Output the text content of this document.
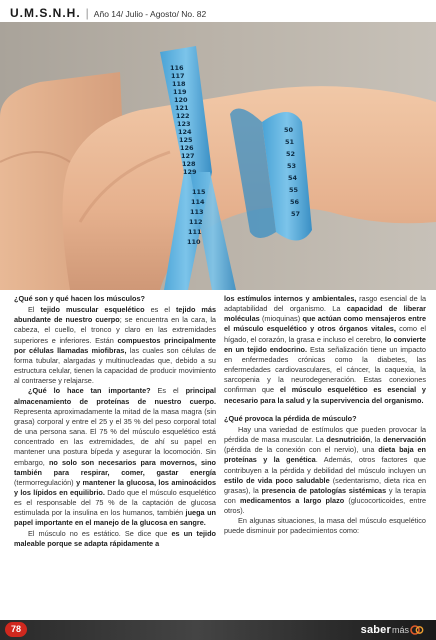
U.M.S.N.H. | Año 14/ Julio - Agosto/ No. 82
116
117
118
119
120
121
122
123
124
125
126
127
128
129
115
114
113
112
111
110
50
51
52
53
54
55
56
57

¿Qué son y qué hacen los músculos?

El tejido muscular esquelético es el tejido más abundante de nuestro cuerpo; se encuentra en la cara, la cabeza, el cuello, el tronco y claro en las extremidades superiores e inferiores. Están compuestos principalmente por células llamadas miofibras, las cuales son células de forma tubular, alargadas y multinucleadas que, debido a su estructura celular, tienen la capacidad de producir movimiento al contraerse y relajarse.

¿Qué lo hace tan importante? Es el principal almacenamiento de proteínas de nuestro cuerpo. Representa aproximadamente la mitad de la masa magra (sin grasa) corporal y entre el 25 y el 35 % del peso corporal total de una persona sana. El 75 % del músculo esquelético está concentrado en las extremidades, de ahí su papel en mantener una postura bípeda y asegurar la locomoción. Sin embargo, no solo son necesarios para movernos, sino también para respirar, comer, gastar energía (termorregulación) y mantener la glucosa, los aminoácidos y los lípidos en equilibrio. Dado que el músculo esquelético es el responsable del 75 % de la captación de glucosa estimulada por la insulina en los humanos, también juega un papel importante en el manejo de la glucosa en sangre.

El músculo no es estático. Se dice que es un tejido maleable porque se adapta rápidamente a

los estímulos internos y ambientales, rasgo esencial de la adaptabilidad del organismo. La capacidad de liberar moléculas (mioquinas) que actúan como mensajeros entre el músculo esquelético y otros órganos vitales, como el hígado, el corazón, la grasa e incluso el cerebro, lo convierte en un tejido endocrino. Esta señalización tiene un impacto en enfermedades crónicas como la diabetes, las enfermedades cardiovasculares, el cáncer, la caquexia, la sarcopenia y la neurodegeneración. Estas conexiones confirman que el músculo esquelético es esencial y necesario para la salud y la supervivencia del organismo.

¿Qué provoca la pérdida de músculo?

Hay una variedad de estímulos que pueden provocar la pérdida de masa muscular. La desnutrición, la denervación (pérdida de la conexión con el nervio), una dieta baja en proteínas y la genética. Además, otros factores que contribuyen a la pérdida y debilidad del músculo incluyen un estilo de vida poco saludable (sedentarismo, dieta rica en grasas), la presencia de patologías sistémicas y la terapia con medicamentos a largo plazo (glucocorticoides, entre otros).

En algunas situaciones, la masa del músculo esquelético puede disminuir por padecimientos como:

78	saber más
